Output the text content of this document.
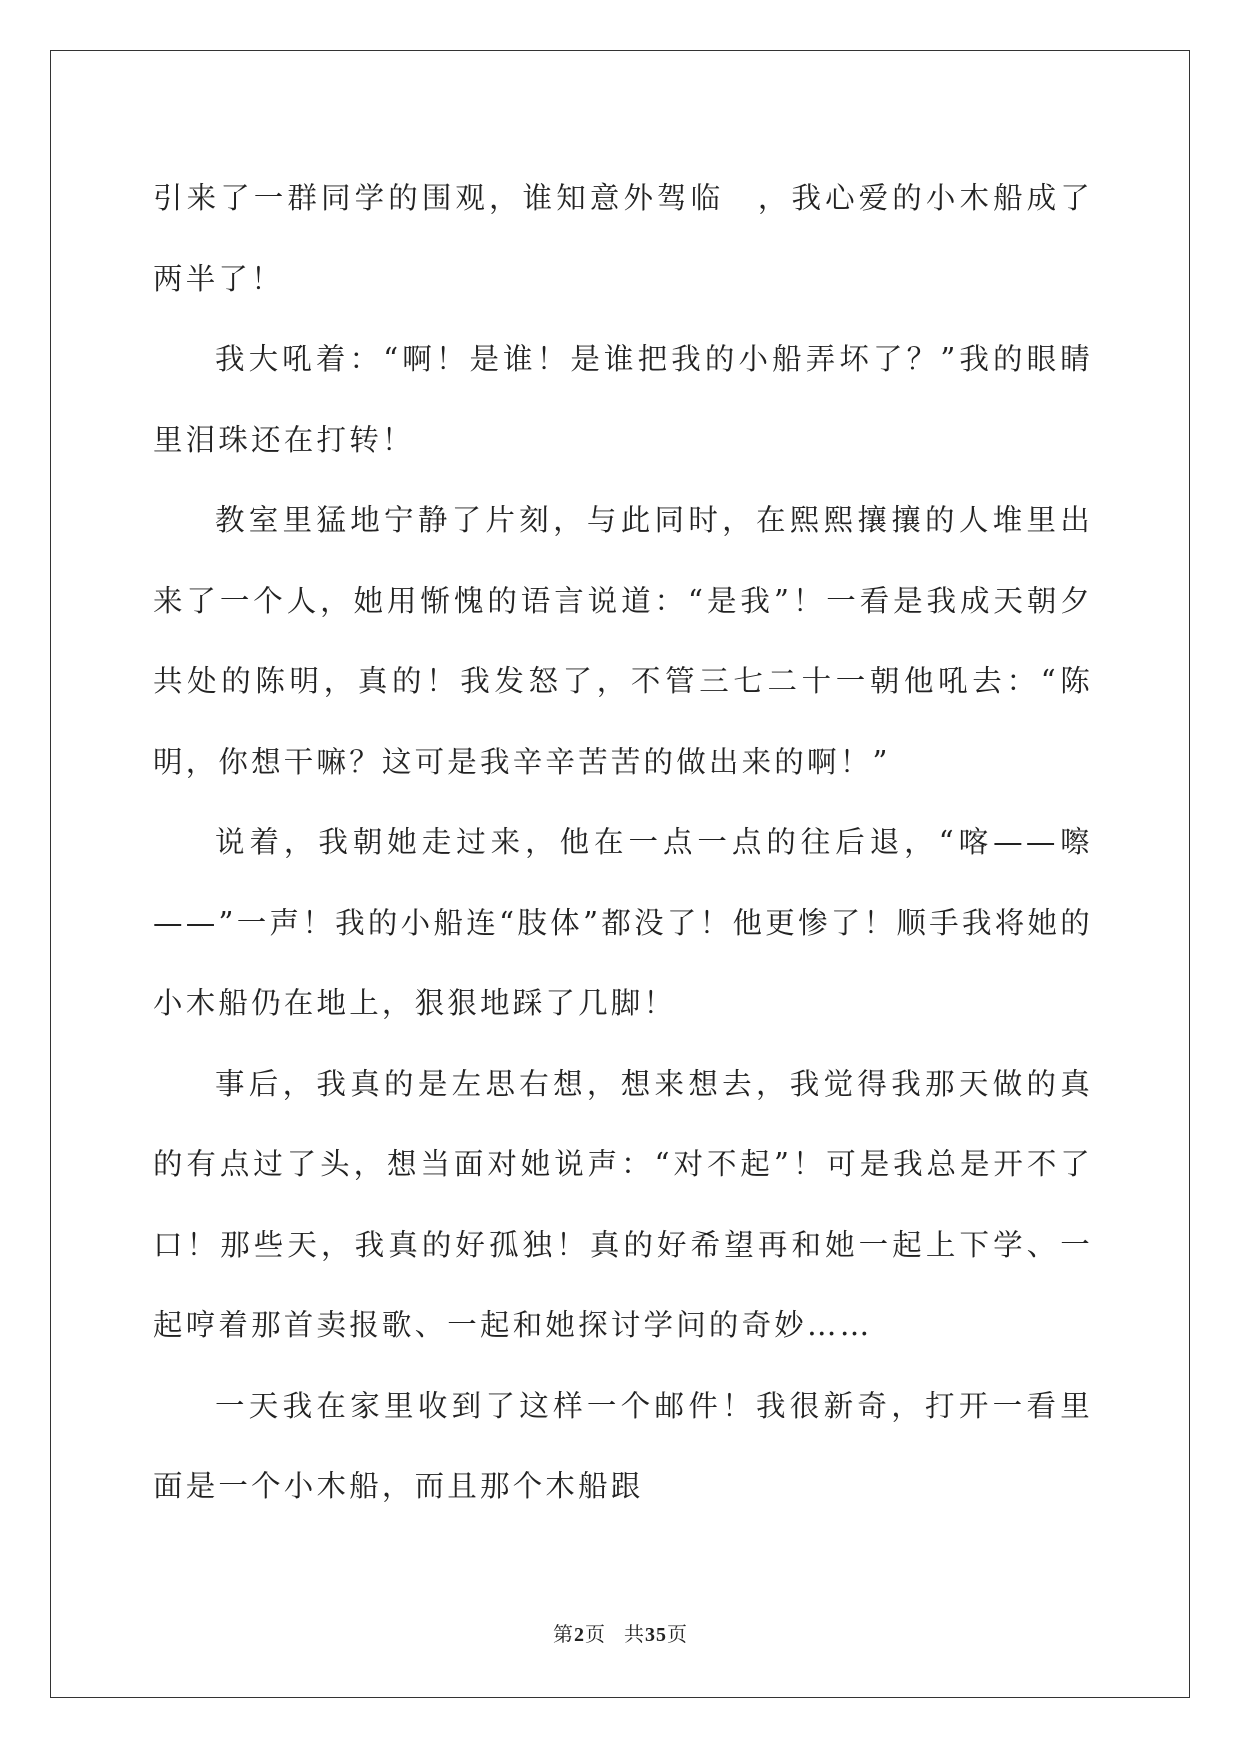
引来了一群同学的围观，谁知意外驾临　，我心爱的小木船成了两半了！

我大吼着：“啊！是谁！是谁把我的小船弄坏了？”我的眼睛里泪珠还在打转！

教室里猛地宁静了片刻，与此同时，在熙熙攘攘的人堆里出来了一个人，她用惭愧的语言说道：“是我”！一看是我成天朝夕共处的陈明，真的！我发怒了，不管三七二十一朝他吼去：“陈明，你想干嘛？这可是我辛辛苦苦的做出来的啊！”

说着，我朝她走过来，他在一点一点的往后退，“喀——嚓——”一声！我的小船连“肢体”都没了！他更惨了！顺手我将她的小木船仍在地上，狠狠地踩了几脚！

事后，我真的是左思右想，想来想去，我觉得我那天做的真的有点过了头，想当面对她说声：“对不起”！可是我总是开不了口！那些天，我真的好孤独！真的好希望再和她一起上下学、一起哼着那首卖报歌、一起和她探讨学问的奇妙……

一天我在家里收到了这样一个邮件！我很新奇，打开一看里面是一个小木船，而且那个木船跟

第2页 共35页
